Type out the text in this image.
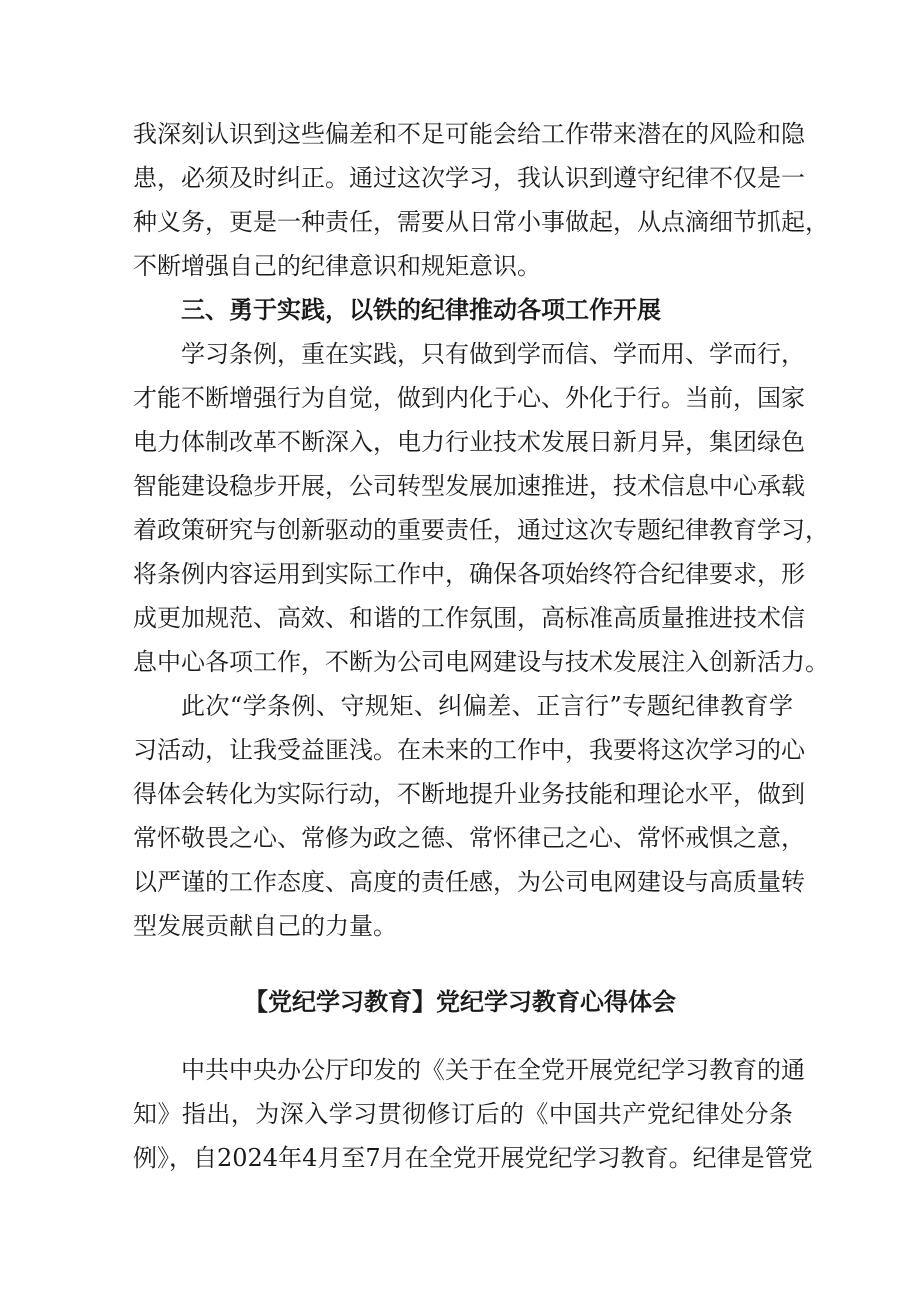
我深刻认识到这些偏差和不足可能会给工作带来潜在的风险和隐
患，必须及时纠正。通过这次学习，我认识到遵守纪律不仅是一
种义务，更是一种责任，需要从日常小事做起，从点滴细节抓起，
不断增强自己的纪律意识和规矩意识。
三、勇于实践，以铁的纪律推动各项工作开展
学习条例，重在实践，只有做到学而信、学而用、学而行，
才能不断增强行为自觉，做到内化于心、外化于行。当前，国家
电力体制改革不断深入，电力行业技术发展日新月异，集团绿色
智能建设稳步开展，公司转型发展加速推进，技术信息中心承载
着政策研究与创新驱动的重要责任，通过这次专题纪律教育学习，
将条例内容运用到实际工作中，确保各项始终符合纪律要求，形
成更加规范、高效、和谐的工作氛围，高标准高质量推进技术信
息中心各项工作，不断为公司电网建设与技术发展注入创新活力。
此次“学条例、守规矩、纠偏差、正言行”专题纪律教育学
习活动，让我受益匪浅。在未来的工作中，我要将这次学习的心
得体会转化为实际行动，不断地提升业务技能和理论水平，做到
常怀敬畏之心、常修为政之德、常怀律己之心、常怀戒惧之意，
以严谨的工作态度、高度的责任感，为公司电网建设与高质量转
型发展贡献自己的力量。
【党纪学习教育】党纪学习教育心得体会
中共中央办公厅印发的《关于在全党开展党纪学习教育的通
知》指出，为深入学习贯彻修订后的《中国共产党纪律处分条
例》，自2024年4月至7月在全党开展党纪学习教育。纪律是管党
